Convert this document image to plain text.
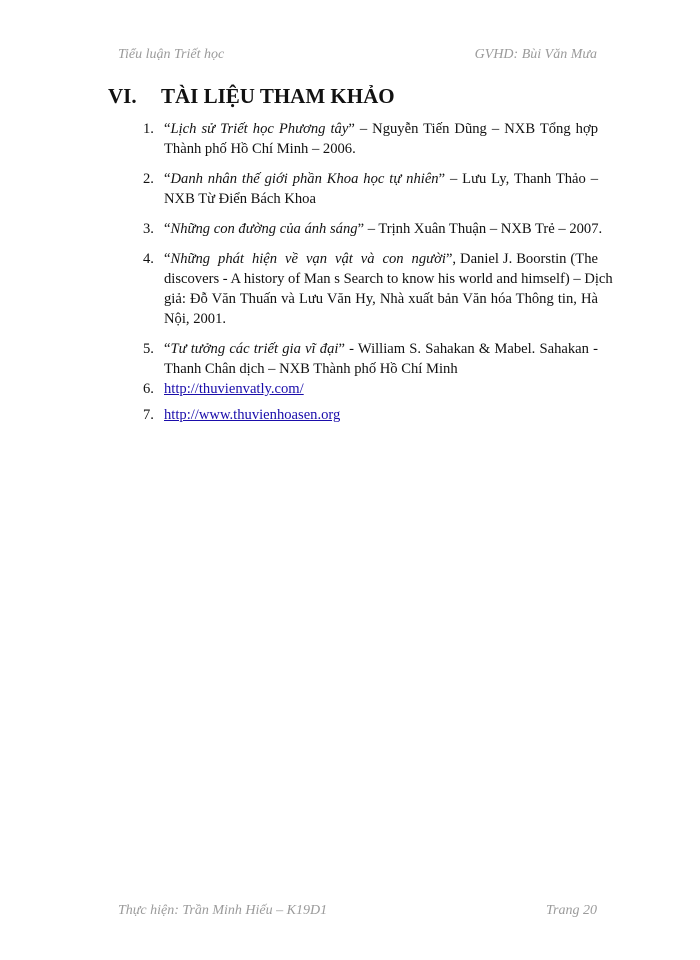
Tiểu luận Triết học	GVHD: Bùi Văn Mưa
VI. TÀI LIỆU THAM KHẢO
1. “Lịch sử Triết học Phương tây” – Nguyễn Tiến Dũng – NXB Tổng hợp
Thành phố Hồ Chí Minh – 2006.
2. “Danh nhân thế giới phần Khoa học tự nhiên” – Lưu Ly, Thanh Thảo –
NXB Từ Điển Bách Khoa
3. “Những con đường của ánh sáng” – Trịnh Xuân Thuận – NXB Trẻ – 2007.
4. “Những phát hiện về vạn vật và con người”, Daniel J. Boorstin (The
discovers - A history of Man s Search to know his world and himself) – Dịch
giả: Đỗ Văn Thuấn và Lưu Văn Hy, Nhà xuất bản Văn hóa Thông tin, Hà
Nội, 2001.
5. “Tư tưởng các triết gia vĩ đại” - William S. Sahakan & Mabel. Sahakan -
Thanh Chân dịch – NXB Thành phố Hồ Chí Minh
6. http://thuvienvatly.com/
7. http://www.thuvienhoasen.org
Thực hiện: Trần Minh Hiếu – K19D1	Trang 20
